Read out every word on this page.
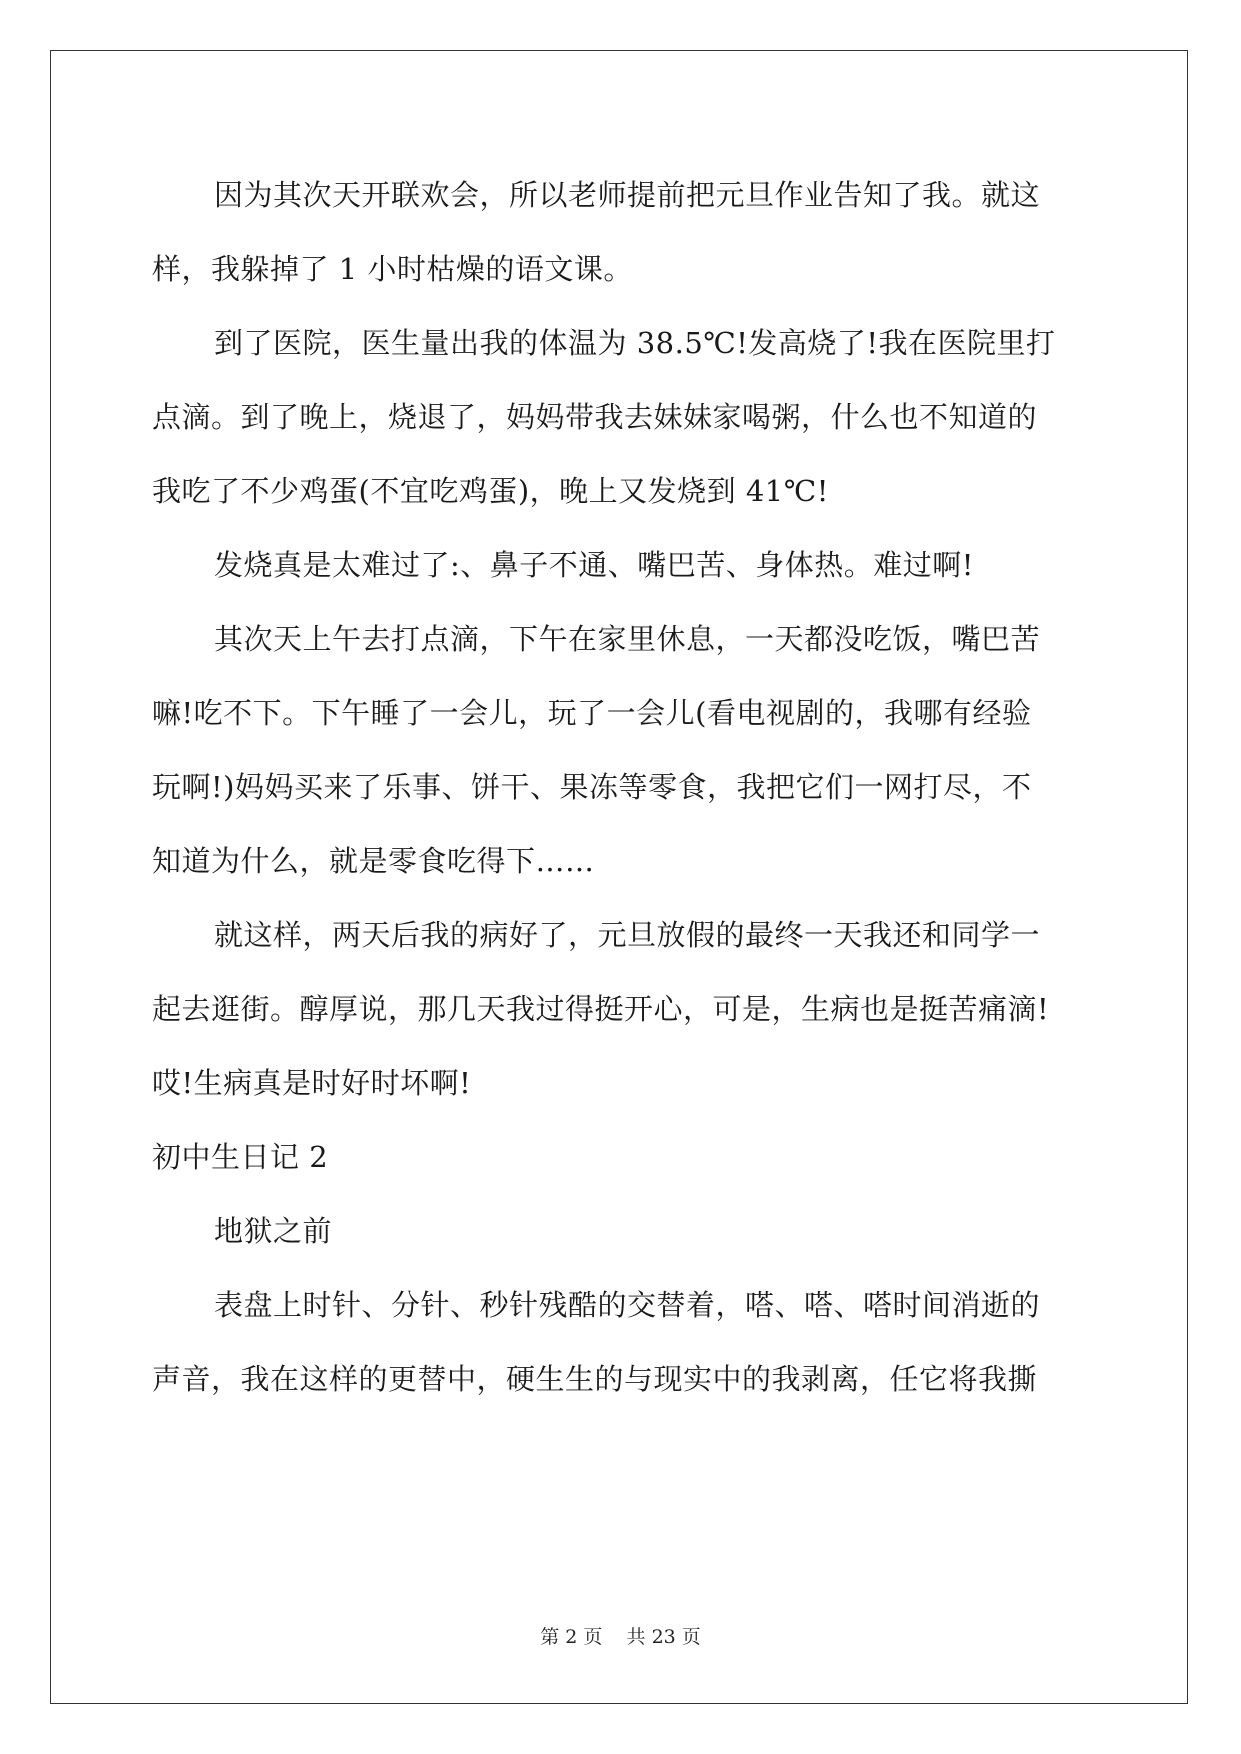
因为其次天开联欢会，所以老师提前把元旦作业告知了我。就这
样，我躲掉了 1 小时枯燥的语文课。
到了医院，医生量出我的体温为 38.5℃!发高烧了!我在医院里打
点滴。到了晚上，烧退了，妈妈带我去妹妹家喝粥，什么也不知道的
我吃了不少鸡蛋(不宜吃鸡蛋)，晚上又发烧到 41℃!
发烧真是太难过了:、鼻子不通、嘴巴苦、身体热。难过啊!
其次天上午去打点滴，下午在家里休息，一天都没吃饭，嘴巴苦
嘛!吃不下。下午睡了一会儿，玩了一会儿(看电视剧的，我哪有经验
玩啊!)妈妈买来了乐事、饼干、果冻等零食，我把它们一网打尽，不
知道为什么，就是零食吃得下……
就这样，两天后我的病好了，元旦放假的最终一天我还和同学一
起去逛街。醇厚说，那几天我过得挺开心，可是，生病也是挺苦痛滴!
哎!生病真是时好时坏啊!
初中生日记 2
地狱之前
表盘上时针、分针、秒针残酷的交替着，嗒、嗒、嗒时间消逝的
声音，我在这样的更替中，硬生生的与现实中的我剥离，任它将我撕
第 2 页    共 23 页
